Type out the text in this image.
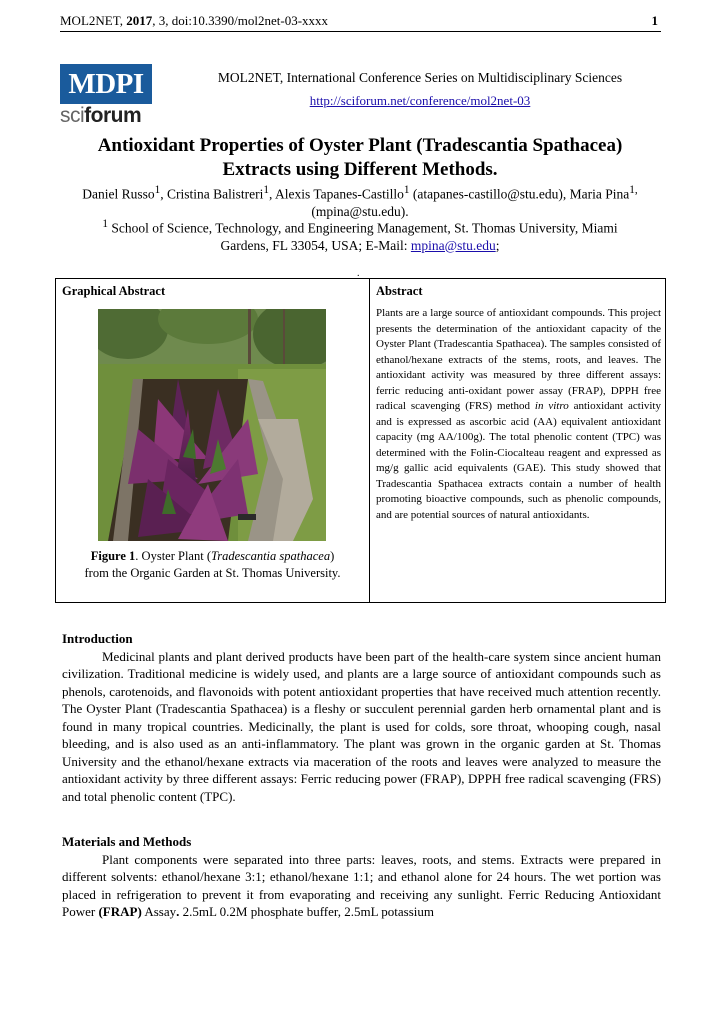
MOL2NET, 2017, 3, doi:10.3390/mol2net-03-xxxx	1
MDPI
sciforum
MOL2NET, International Conference Series on Multidisciplinary Sciences
http://sciforum.net/conference/mol2net-03
Antioxidant Properties of Oyster Plant (Tradescantia Spathacea)
Extracts using Different Methods.
Daniel Russo$^1$, Cristina Balistreri$^1$, Alexis Tapanes-Castillo$^1$ (atapanes-castillo@stu.edu), Maria Pina$^{1,}$
(mpina@stu.edu).
$^1$ School of Science, Technology, and Engineering Management, St. Thomas University, Miami
Gardens, FL 33054, USA; E-Mail: mpina@stu.edu;
.
Graphical Abstract	Abstract
Figure 1. Oyster Plant (Tradescantia spathacea)
from the Organic Garden at St. Thomas University.
Plants are a large source of antioxidant compounds. This project presents the determination of the antioxidant capacity of the Oyster Plant (Tradescantia Spathacea). The samples consisted of ethanol/hexane extracts of the stems, roots, and leaves. The antioxidant activity was measured by three different assays: ferric reducing anti-oxidant power assay (FRAP), DPPH free radical scavenging (FRS) method in vitro antioxidant activity and is expressed as ascorbic acid (AA) equivalent antioxidant capacity (mg AA/100g). The total phenolic content (TPC) was determined with the Folin-Ciocalteau reagent and expressed as mg/g gallic acid equivalents (GAE). This study showed that Tradescantia Spathacea extracts contain a number of health promoting bioactive compounds, such as phenolic compounds, and are potential sources of natural antioxidants.
Introduction
Medicinal plants and plant derived products have been part of the health-care system since ancient human civilization. Traditional medicine is widely used, and plants are a large source of antioxidant compounds such as phenols, carotenoids, and flavonoids with potent antioxidant properties that have received much attention recently. The Oyster Plant (Tradescantia Spathacea) is a fleshy or succulent perennial garden herb ornamental plant and is found in many tropical countries. Medicinally, the plant is used for colds, sore throat, whooping cough, nasal bleeding, and is also used as an anti-inflammatory. The plant was grown in the organic garden at St. Thomas University and the ethanol/hexane extracts via maceration of the roots and leaves were analyzed to measure the antioxidant activity by three different assays: Ferric reducing power (FRAP), DPPH free radical scavenging (FRS) and total phenolic content (TPC).
Materials and Methods
Plant components were separated into three parts: leaves, roots, and stems. Extracts were prepared in different solvents: ethanol/hexane 3:1; ethanol/hexane 1:1; and ethanol alone for 24 hours. The wet portion was placed in refrigeration to prevent it from evaporating and receiving any sunlight. Ferric Reducing Antioxidant Power (FRAP) Assay. 2.5mL 0.2M phosphate buffer, 2.5mL potassium
